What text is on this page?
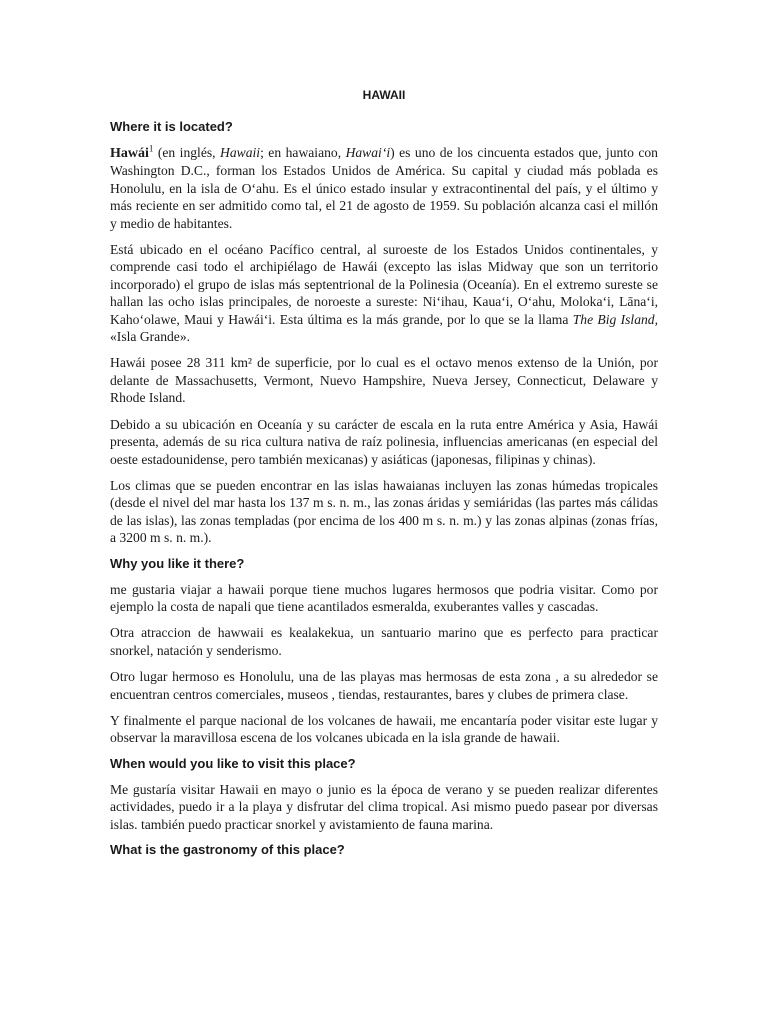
HAWAII
Where it is located?

Hawái$^1$ (en inglés, Hawaii; en hawaiano, Hawai‘i) es uno de los cincuenta estados que, junto con Washington D.C., forman los Estados Unidos de América. Su capital y ciudad más poblada es Honolulu, en la isla de O‘ahu. Es el único estado insular y extracontinental del país, y el último y más reciente en ser admitido como tal, el 21 de agosto de 1959. Su población alcanza casi el millón y medio de habitantes.

Está ubicado en el océano Pacífico central, al suroeste de los Estados Unidos continentales, y comprende casi todo el archipiélago de Hawái (excepto las islas Midway que son un territorio incorporado) el grupo de islas más septentrional de la Polinesia (Oceanía). En el extremo sureste se hallan las ocho islas principales, de noroeste a sureste: Ni‘ihau, Kaua‘i, O‘ahu, Moloka‘i, Lāna‘i, Kaho‘olawe, Maui y Hawái‘i. Esta última es la más grande, por lo que se la llama The Big Island, «Isla Grande».

Hawái posee 28 311 km² de superficie, por lo cual es el octavo menos extenso de la Unión, por delante de Massachusetts, Vermont, Nuevo Hampshire, Nueva Jersey, Connecticut, Delaware y Rhode Island.

Debido a su ubicación en Oceanía y su carácter de escala en la ruta entre América y Asia, Hawái presenta, además de su rica cultura nativa de raíz polinesia, influencias americanas (en especial del oeste estadounidense, pero también mexicanas) y asiáticas (japonesas, filipinas y chinas).

Los climas que se pueden encontrar en las islas hawaianas incluyen las zonas húmedas tropicales (desde el nivel del mar hasta los 137 m s. n. m., las zonas áridas y semiáridas (las partes más cálidas de las islas), las zonas templadas (por encima de los 400 m s. n. m.) y las zonas alpinas (zonas frías, a 3200 m s. n. m.).

Why you like it there?

me gustaria viajar a hawaii porque tiene muchos lugares hermosos que podria visitar. Como por ejemplo la costa de napali que tiene acantilados esmeralda, exuberantes valles y cascadas.

Otra atraccion de hawwaii es kealakekua, un santuario marino que es perfecto para practicar snorkel, natación y senderismo.

Otro lugar hermoso es Honolulu, una de las playas mas hermosas de esta zona , a su alrededor se encuentran centros comerciales, museos , tiendas, restaurantes, bares y clubes de primera clase.

Y finalmente el parque nacional de los volcanes de hawaii, me encantaría poder visitar este lugar y observar la maravillosa escena de los volcanes ubicada en la isla grande de hawaii.

When would you like to visit this place?

Me gustaría visitar Hawaii en mayo o junio es la época de verano y se pueden realizar diferentes actividades, puedo ir a la playa y disfrutar del clima tropical. Asi mismo puedo pasear por diversas islas. también puedo practicar snorkel y avistamiento de fauna marina.

What is the gastronomy of this place?
